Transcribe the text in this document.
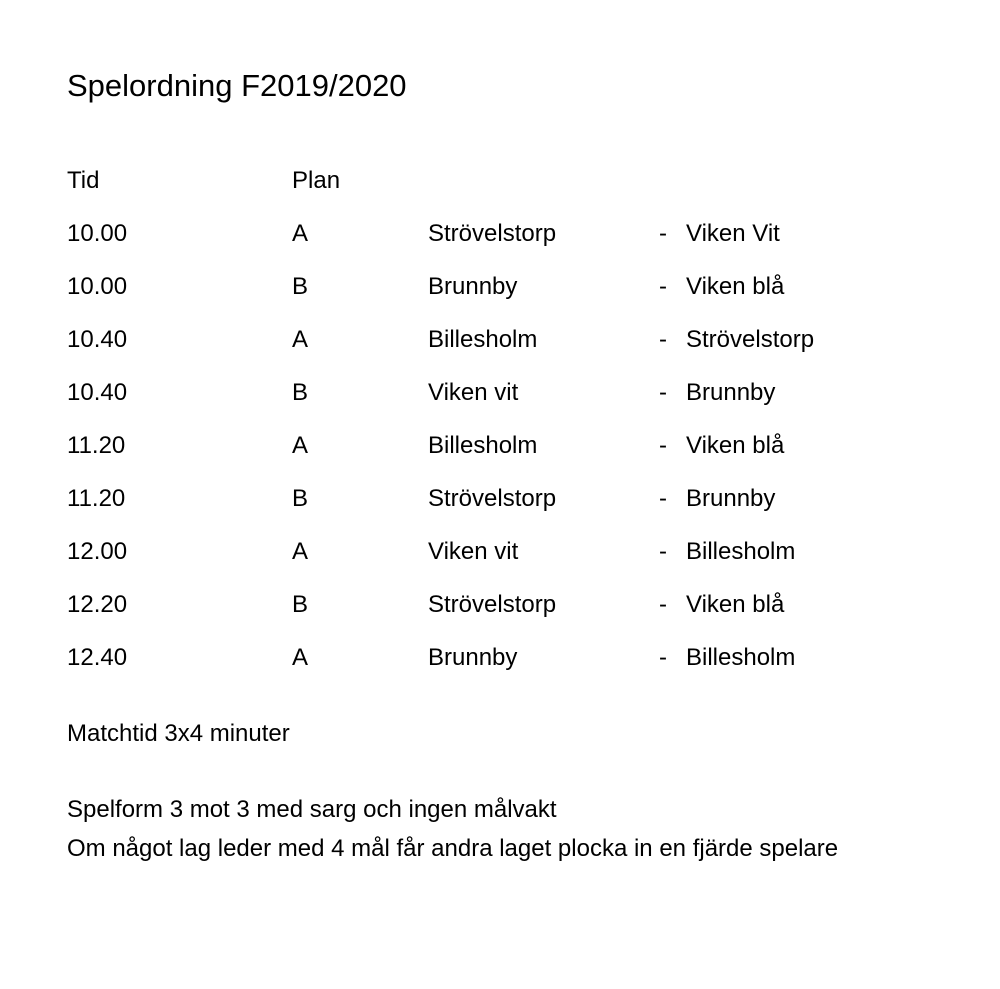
Spelordning F2019/2020
Tid	Plan
10.00	A	Strövelstorp	- Viken Vit
10.00	B	Brunnby	- Viken blå
10.40	A	Billesholm	- Strövelstorp
10.40	B	Viken vit	- Brunnby
11.20	A	Billesholm	- Viken blå
11.20	B	Strövelstorp	- Brunnby
12.00	A	Viken vit	- Billesholm
12.20	B	Strövelstorp	- Viken blå
12.40	A	Brunnby	- Billesholm
Matchtid 3x4 minuter
Spelform 3 mot 3 med sarg och ingen målvakt
Om något lag leder med 4 mål får andra laget plocka in en fjärde spelare
